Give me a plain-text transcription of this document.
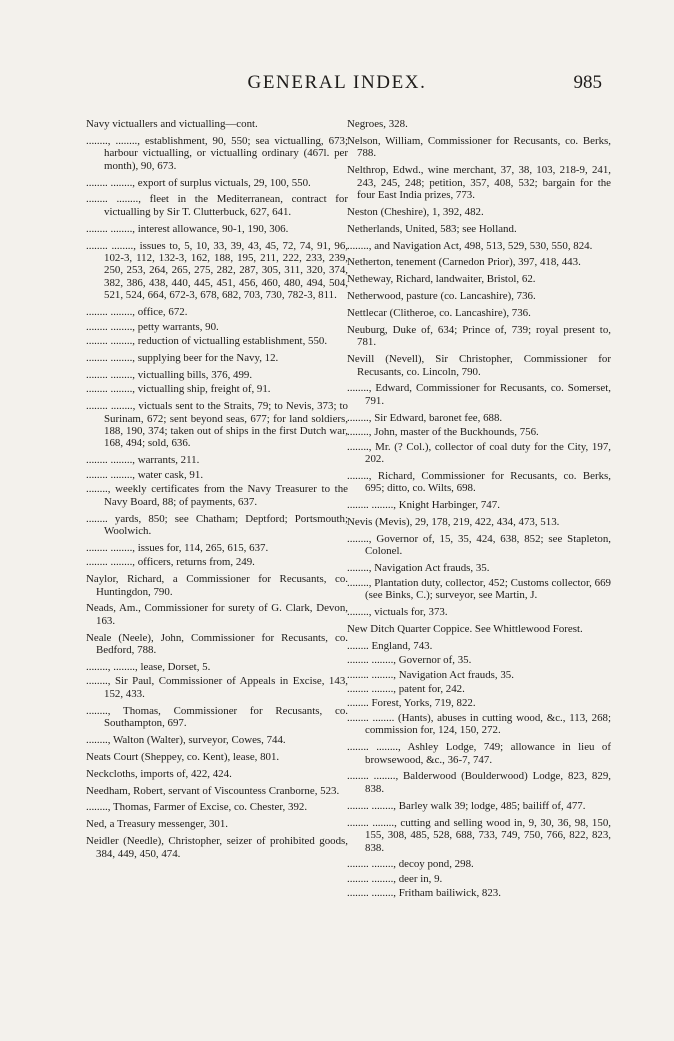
GENERAL INDEX.	985

Navy victuallers and victualling—cont.

........, ........, establishment, 90, 550; sea victualling, 673; harbour victualling, or victualling ordinary (467l. per month), 90, 673.

........ ........, export of surplus victuals, 29, 100, 550.

........ ........, fleet in the Mediterranean, contract for victualling by Sir T. Clutterbuck, 627, 641.

........ ........, interest allowance, 90-1, 190, 306.

........ ........, issues to, 5, 10, 33, 39, 43, 45, 72, 74, 91, 96, 102-3, 112, 132-3, 162, 188, 195, 211, 222, 233, 239, 250, 253, 264, 265, 275, 282, 287, 305, 311, 320, 374, 382, 386, 438, 440, 445, 451, 456, 460, 480, 494, 504, 521, 524, 664, 672-3, 678, 682, 703, 730, 782-3, 811.

........ ........, office, 672.

........ ........, petty warrants, 90.

........ ........, reduction of victualling establishment, 550.

........ ........, supplying beer for the Navy, 12.

........ ........, victualling bills, 376, 499.

........ ........, victualling ship, freight of, 91.

........ ........, victuals sent to the Straits, 79; to Nevis, 373; to Surinam, 672; sent beyond seas, 677; for land soldiers, 188, 190, 374; taken out of ships in the first Dutch war, 168, 494; sold, 636.

........ ........, warrants, 211.

........ ........, water cask, 91.

........, weekly certificates from the Navy Treasurer to the Navy Board, 88; of payments, 637.

........ yards, 850; see Chatham; Deptford; Portsmouth; Woolwich.

........ ........, issues for, 114, 265, 615, 637.

........ ........, officers, returns from, 249.

Naylor, Richard, a Commissioner for Recusants, co. Huntingdon, 790.

Neads, Am., Commissioner for surety of G. Clark, Devon, 163.

Neale (Neele), John, Commissioner for Recusants, co. Bedford, 788.

........, ........, lease, Dorset, 5.

........, Sir Paul, Commissioner of Appeals in Excise, 143, 152, 433.

........, Thomas, Commissioner for Recusants, co. Southampton, 697.

........, Walton (Walter), surveyor, Cowes, 744.

Neats Court (Sheppey, co. Kent), lease, 801.

Neckcloths, imports of, 422, 424.

Needham, Robert, servant of Viscountess Cranborne, 523.

........, Thomas, Farmer of Excise, co. Chester, 392.

Ned, a Treasury messenger, 301.

Neidler (Needle), Christopher, seizer of prohibited goods, 384, 449, 450, 474.

Negroes, 328.

Nelson, William, Commissioner for Recusants, co. Berks, 788.

Nelthrop, Edwd., wine merchant, 37, 38, 103, 218-9, 241, 243, 245, 248; petition, 357, 408, 532; bargain for the four East India prizes, 773.

Neston (Cheshire), 1, 392, 482.

Netherlands, United, 583; see Holland.

........, and Navigation Act, 498, 513, 529, 530, 550, 824.

Netherton, tenement (Carnedon Prior), 397, 418, 443.

Netheway, Richard, landwaiter, Bristol, 62.

Netherwood, pasture (co. Lancashire), 736.

Nettlecar (Clitheroe, co. Lancashire), 736.

Neuburg, Duke of, 634; Prince of, 739; royal present to, 781.

Nevill (Nevell), Sir Christopher, Commissioner for Recusants, co. Lincoln, 790.

........, Edward, Commissioner for Recusants, co. Somerset, 791.

........, Sir Edward, baronet fee, 688.

........, John, master of the Buckhounds, 756.

........, Mr. (? Col.), collector of coal duty for the City, 197, 202.

........, Richard, Commissioner for Recusants, co. Berks, 695; ditto, co. Wilts, 698.

........ ........, Knight Harbinger, 747.

Nevis (Mevis), 29, 178, 219, 422, 434, 473, 513.

........, Governor of, 15, 35, 424, 638, 852; see Stapleton, Colonel.

........, Navigation Act frauds, 35.

........, Plantation duty, collector, 452; Customs collector, 669 (see Binks, C.); surveyor, see Martin, J.

........, victuals for, 373.

New Ditch Quarter Coppice. See Whittlewood Forest.

........ England, 743.

........ ........, Governor of, 35.

........ ........, Navigation Act frauds, 35.

........ ........, patent for, 242.

........ Forest, Yorks, 719, 822.

........ ........ (Hants), abuses in cutting wood, &c., 113, 268; commission for, 124, 150, 272.

........ ........, Ashley Lodge, 749; allowance in lieu of browsewood, &c., 36-7, 747.

........ ........, Balderwood (Boulderwood) Lodge, 823, 829, 838.

........ ........, Barley walk 39; lodge, 485; bailiff of, 477.

........ ........, cutting and selling wood in, 9, 30, 36, 98, 150, 155, 308, 485, 528, 688, 733, 749, 750, 766, 822, 823, 838.

........ ........, decoy pond, 298.

........ ........, deer in, 9.

........ ........, Fritham bailiwick, 823.
